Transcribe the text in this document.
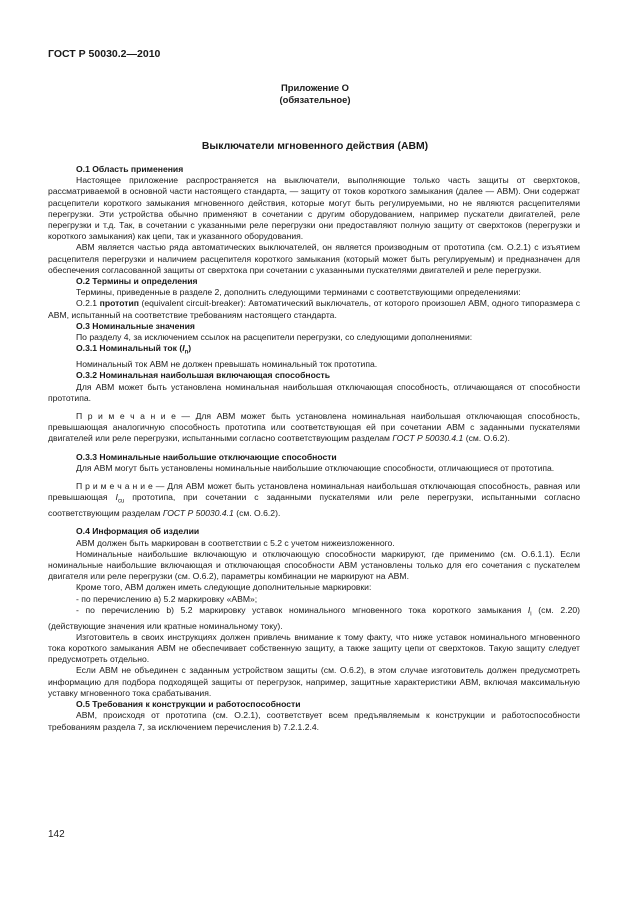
ГОСТ Р 50030.2—2010
Приложение О
(обязательное)
Выключатели мгновенного действия (АВМ)

О.1 Область применения

Настоящее приложение распространяется на выключатели, выполняющие только часть защиты от сверхтоков, рассматриваемой в основной части настоящего стандарта, — защиту от токов короткого замыкания (далее — АВМ). Они содержат расцепители короткого замыкания мгновенного действия, которые могут быть регулируемыми, но не являются расцепителями перегрузки. Эти устройства обычно применяют в сочетании с другим оборудованием, например пускатели двигателей, реле перегрузки и т.д. Так, в сочетании с указанными реле перегрузки они предоставляют полную защиту от сверхтоков (перегрузки и короткого замыкания) как цепи, так и указанного оборудования.

АВМ является частью ряда автоматических выключателей, он является производным от прототипа (см. О.2.1) с изъятием расцепителя перегрузки и наличием расцепителя короткого замыкания (который может быть регулируемым) и предназначен для обеспечения согласованной защиты от сверхтока при сочетании с указанными пускателями двигателей и реле перегрузки.

О.2 Термины и определения

Термины, приведенные в разделе 2, дополнить следующими терминами с соответствующими определениями:

О.2.1 прототип (equivalent circuit-breaker): Автоматический выключатель, от которого произошел АВМ, одного типоразмера с АВМ, испытанный на соответствие требованиям настоящего стандарта.

О.3 Номинальные значения

По разделу 4, за исключением ссылок на расцепители перегрузки, со следующими дополнениями:

О.3.1 Номинальный ток $(I_n)$

Номинальный ток АВМ не должен превышать номинальный ток прототипа.

О.3.2 Номинальная наибольшая включающая способность

Для АВМ может быть установлена номинальная наибольшая отключающая способность, отличающаяся от способности прототипа.

П р и м е ч а н и е — Для АВМ может быть установлена номинальная наибольшая отключающая способность, превышающая аналогичную способность прототипа или соответствующая ей при сочетании АВМ с заданными пускателями двигателей или реле перегрузки, испытанными согласно соответствующим разделам ГОСТ Р 50030.4.1 (см. О.6.2).

О.3.3 Номинальные наибольшие отключающие способности

Для АВМ могут быть установлены номинальные наибольшие отключающие способности, отличающиеся от прототипа.

П р и м е ч а н и е — Для АВМ может быть установлена номинальная наибольшая отключающая способность, равная или превышающая $I_{cu}$ прототипа, при сочетании с заданными пускателями или реле перегрузки, испытанными согласно соответствующим разделам ГОСТ Р 50030.4.1 (см. О.6.2).

О.4 Информация об изделии

АВМ должен быть маркирован в соответствии с 5.2 с учетом нижеизложенного.

Номинальные наибольшие включающую и отключающую способности маркируют, где применимо (см. О.6.1.1). Если номинальные наибольшие включающая и отключающая способности АВМ установлены только для его сочетания с пускателем двигателя или реле перегрузки (см. О.6.2), параметры комбинации не маркируют на АВМ.

Кроме того, АВМ должен иметь следующие дополнительные маркировки:

- по перечислению а) 5.2 маркировку «АВМ»;

- по перечислению b) 5.2 маркировку уставок номинального мгновенного тока короткого замыкания $I_i$ (см. 2.20) (действующие значения или кратные номинальному току).

Изготовитель в своих инструкциях должен привлечь внимание к тому факту, что ниже уставок номинального мгновенного тока короткого замыкания АВМ не обеспечивает собственную защиту, а также защиту цепи от сверхтоков. Такую защиту следует предусмотреть отдельно.

Если АВМ не объединен с заданным устройством защиты (см. О.6.2), в этом случае изготовитель должен предусмотреть информацию для подбора подходящей защиты от перегрузок, например, защитные характеристики АВМ, включая максимальную уставку мгновенного тока срабатывания.

О.5 Требования к конструкции и работоспособности

АВМ, происходя от прототипа (см. О.2.1), соответствует всем предъявляемым к конструкции и работоспособности требованиям раздела 7, за исключением перечисления b) 7.2.1.2.4.

142
